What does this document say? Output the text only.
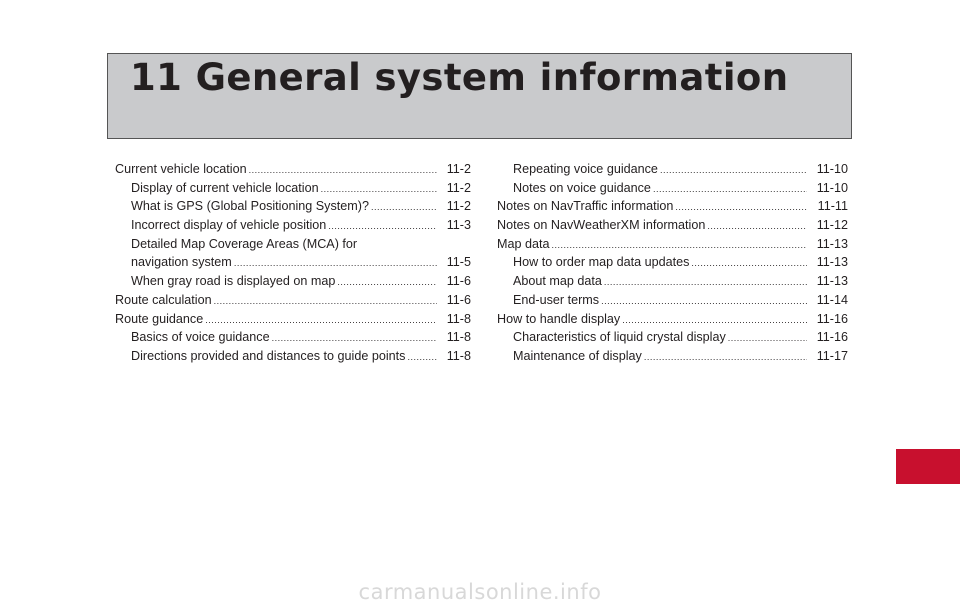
11 General system information
Current vehicle location .....	11-2
Display of current vehicle location .....	11-2
What is GPS (Global Positioning System)? .....	11-2
Incorrect display of vehicle position .....	11-3
Detailed Map Coverage Areas (MCA) for
navigation system .....	11-5
When gray road is displayed on map .....	11-6
Route calculation .....	11-6
Route guidance .....	11-8
Basics of voice guidance .....	11-8
Directions provided and distances to guide points .....	11-8
Repeating voice guidance .....	11-10
Notes on voice guidance .....	11-10
Notes on NavTraffic information .....	11-11
Notes on NavWeatherXM information .....	11-12
Map data .....	11-13
How to order map data updates .....	11-13
About map data .....	11-13
End-user terms .....	11-14
How to handle display .....	11-16
Characteristics of liquid crystal display .....	11-16
Maintenance of display .....	11-17
carmanualsonline.info
